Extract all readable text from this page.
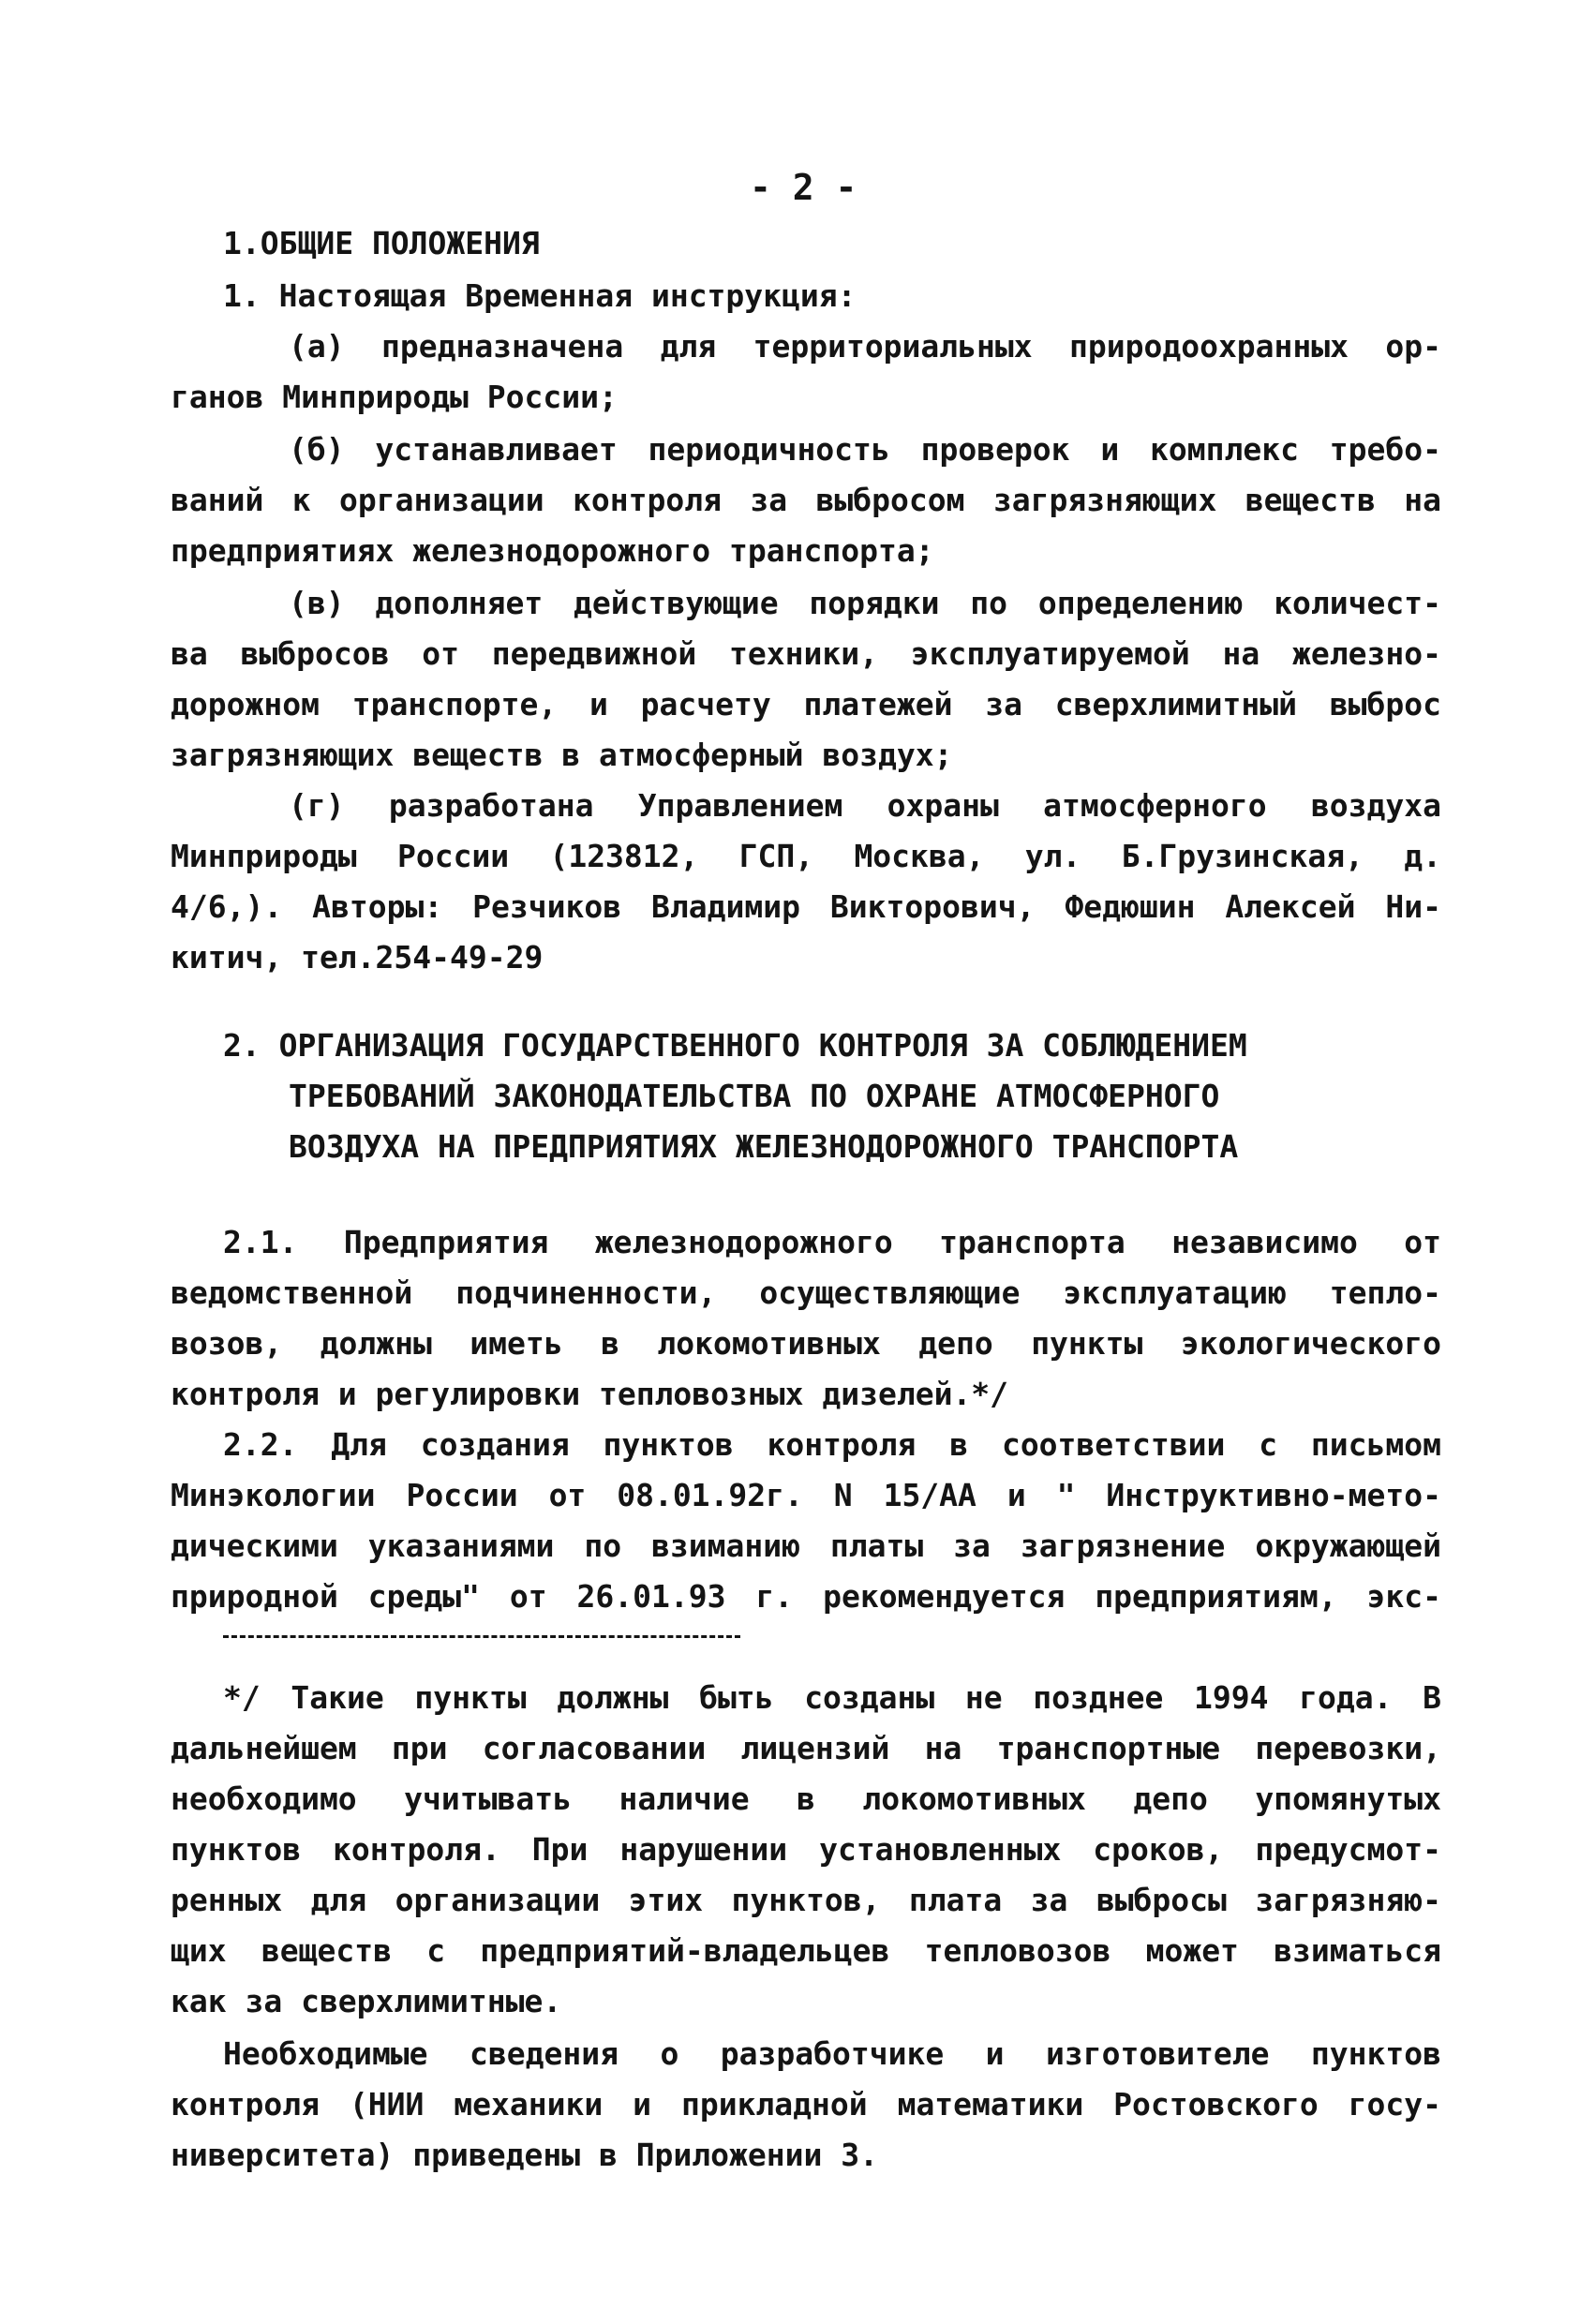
- 2 -
1.ОБЩИЕ ПОЛОЖЕНИЯ
1. Настоящая Временная инструкция:
(а) предназначена для территориальных природоохранных ор-
ганов Минприроды России;
(б) устанавливает периодичность проверок и комплекс требо-
ваний к организации контроля за выбросом загрязняющих веществ на
предприятиях железнодорожного транспорта;
(в) дополняет действующие порядки по определению количест-
ва выбросов от передвижной техники, эксплуатируемой на железно-
дорожном транспорте, и расчету платежей за сверхлимитный выброс
загрязняющих веществ в атмосферный воздух;
(г) разработана Управлением охраны атмосферного воздуха
Минприроды России (123812, ГСП, Москва, ул. Б.Грузинская, д.
4/6,). Авторы: Резчиков Владимир Викторович, Федюшин Алексей Ни-
китич, тел.254-49-29
2. ОРГАНИЗАЦИЯ ГОСУДАРСТВЕННОГО КОНТРОЛЯ ЗА СОБЛЮДЕНИЕМ
ТРЕБОВАНИЙ ЗАКОНОДАТЕЛЬСТВА ПО ОХРАНЕ АТМОСФЕРНОГО
ВОЗДУХА НА ПРЕДПРИЯТИЯХ ЖЕЛЕЗНОДОРОЖНОГО ТРАНСПОРТА
2.1. Предприятия железнодорожного транспорта независимо от
ведомственной подчиненности, осуществляющие эксплуатацию тепло-
возов, должны иметь в локомотивных депо пункты экологического
контроля и регулировки тепловозных дизелей.*/
2.2. Для создания пунктов контроля в соответствии с письмом
Минэкологии России от 08.01.92г. N 15/АА и " Инструктивно-мето-
дическими указаниями по взиманию платы за загрязнение окружающей
природной среды" от 26.01.93 г. рекомендуется предприятиям, экс-
*/ Такие пункты должны быть созданы не позднее 1994 года. В
дальнейшем при согласовании лицензий на транспортные перевозки,
необходимо учитывать наличие в локомотивных депо упомянутых
пунктов контроля. При нарушении установленных сроков, предусмот-
ренных для организации этих пунктов, плата за выбросы загрязняю-
щих веществ с предприятий-владельцев тепловозов может взиматься
как за сверхлимитные.
Необходимые сведения о разработчике и изготовителе пунктов
контроля (НИИ механики и прикладной математики Ростовского госу-
ниверситета) приведены в Приложении 3.
